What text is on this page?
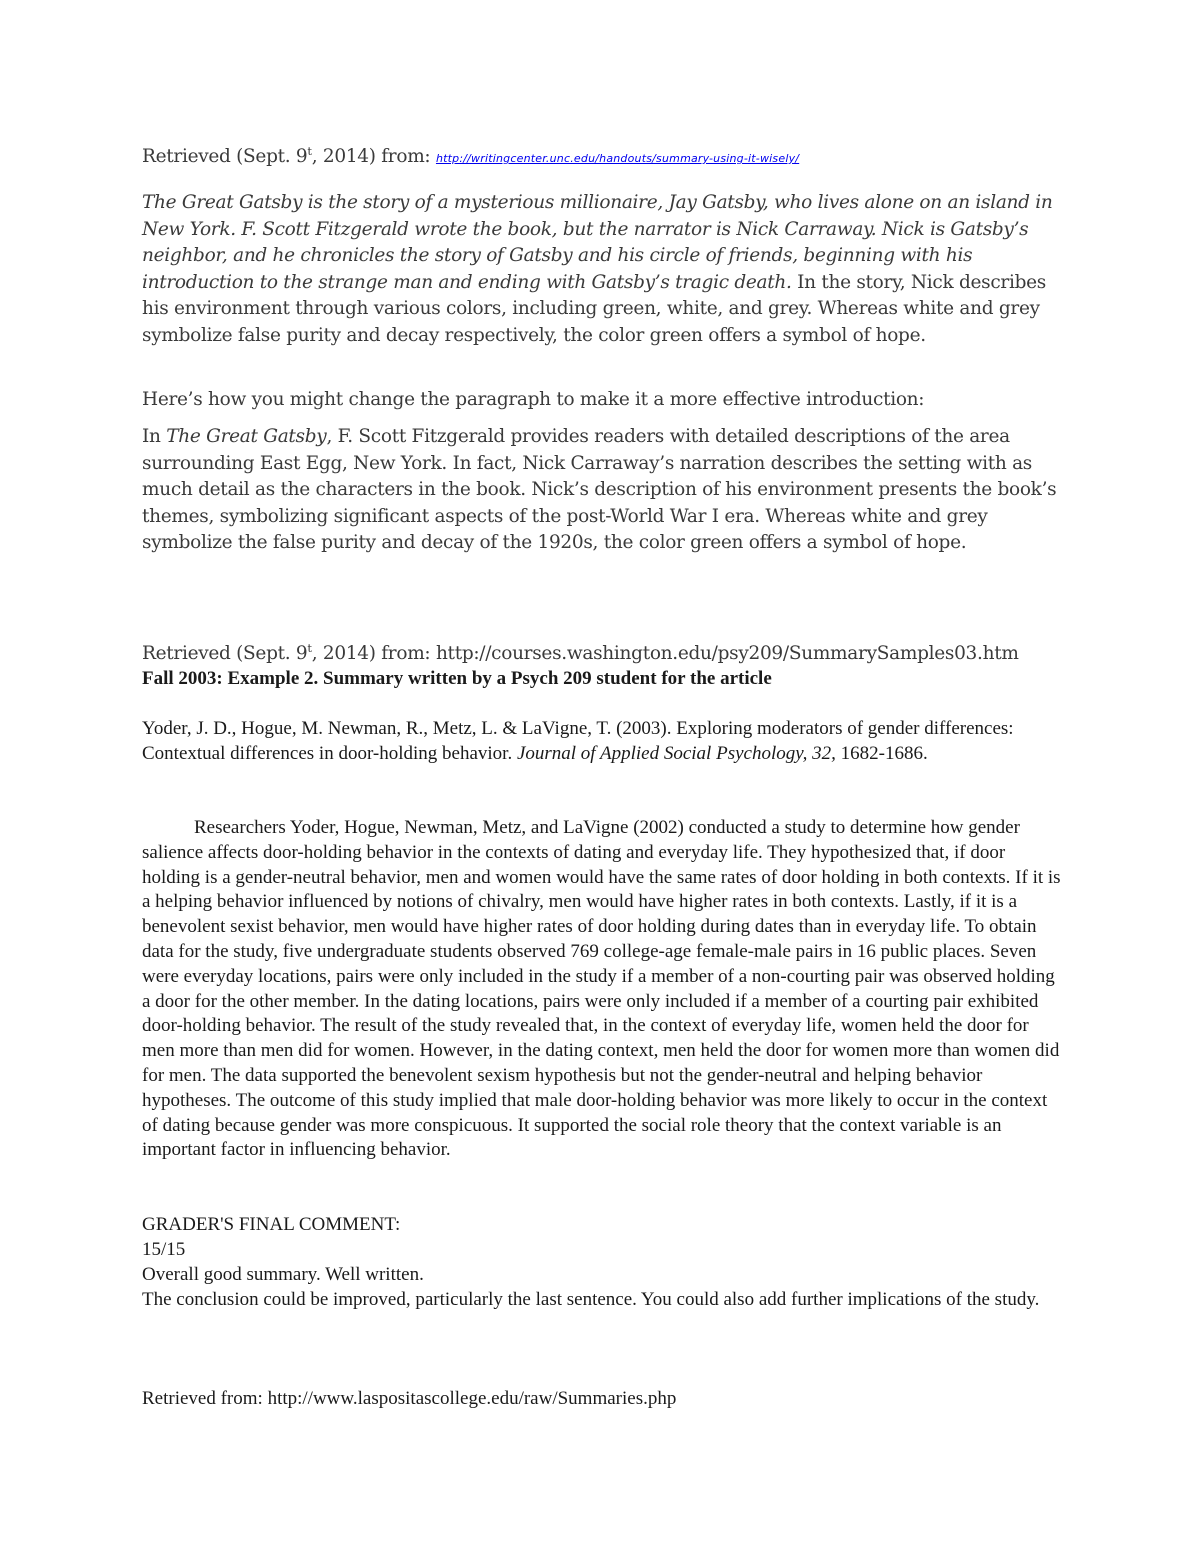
Retrieved (Sept. 9$^t$, 2014) from: http://writingcenter.unc.edu/handouts/summary-using-it-wisely/

The Great Gatsby is the story of a mysterious millionaire, Jay Gatsby, who lives alone on an island in New York. F. Scott Fitzgerald wrote the book, but the narrator is Nick Carraway. Nick is Gatsby’s neighbor, and he chronicles the story of Gatsby and his circle of friends, beginning with his introduction to the strange man and ending with Gatsby’s tragic death. In the story, Nick describes his environment through various colors, including green, white, and grey. Whereas white and grey symbolize false purity and decay respectively, the color green offers a symbol of hope.

Here’s how you might change the paragraph to make it a more effective introduction:

In The Great Gatsby, F. Scott Fitzgerald provides readers with detailed descriptions of the area surrounding East Egg, New York. In fact, Nick Carraway’s narration describes the setting with as much detail as the characters in the book. Nick’s description of his environment presents the book’s themes, symbolizing significant aspects of the post-World War I era. Whereas white and grey symbolize the false purity and decay of the 1920s, the color green offers a symbol of hope.

Retrieved (Sept. 9$^t$, 2014) from: http://courses.washington.edu/psy209/SummarySamples03.htm

Fall 2003: Example 2. Summary written by a Psych 209 student for the article

Yoder, J. D., Hogue, M. Newman, R., Metz, L. & LaVigne, T. (2003). Exploring moderators of gender differences: Contextual differences in door-holding behavior. Journal of Applied Social Psychology, 32, 1682-1686.

Researchers Yoder, Hogue, Newman, Metz, and LaVigne (2002) conducted a study to determine how gender salience affects door-holding behavior in the contexts of dating and everyday life. They hypothesized that, if door holding is a gender-neutral behavior, men and women would have the same rates of door holding in both contexts. If it is a helping behavior influenced by notions of chivalry, men would have higher rates in both contexts. Lastly, if it is a benevolent sexist behavior, men would have higher rates of door holding during dates than in everyday life. To obtain data for the study, five undergraduate students observed 769 college-age female-male pairs in 16 public places. Seven were everyday locations, pairs were only included in the study if a member of a non-courting pair was observed holding a door for the other member. In the dating locations, pairs were only included if a member of a courting pair exhibited door-holding behavior. The result of the study revealed that, in the context of everyday life, women held the door for men more than men did for women. However, in the dating context, men held the door for women more than women did for men. The data supported the benevolent sexism hypothesis but not the gender-neutral and helping behavior hypotheses. The outcome of this study implied that male door-holding behavior was more likely to occur in the context of dating because gender was more conspicuous. It supported the social role theory that the context variable is an important factor in influencing behavior.

GRADER'S FINAL COMMENT:

15/15

Overall good summary. Well written.

The conclusion could be improved, particularly the last sentence. You could also add further implications of the study.

Retrieved from: http://www.laspositascollege.edu/raw/Summaries.php
